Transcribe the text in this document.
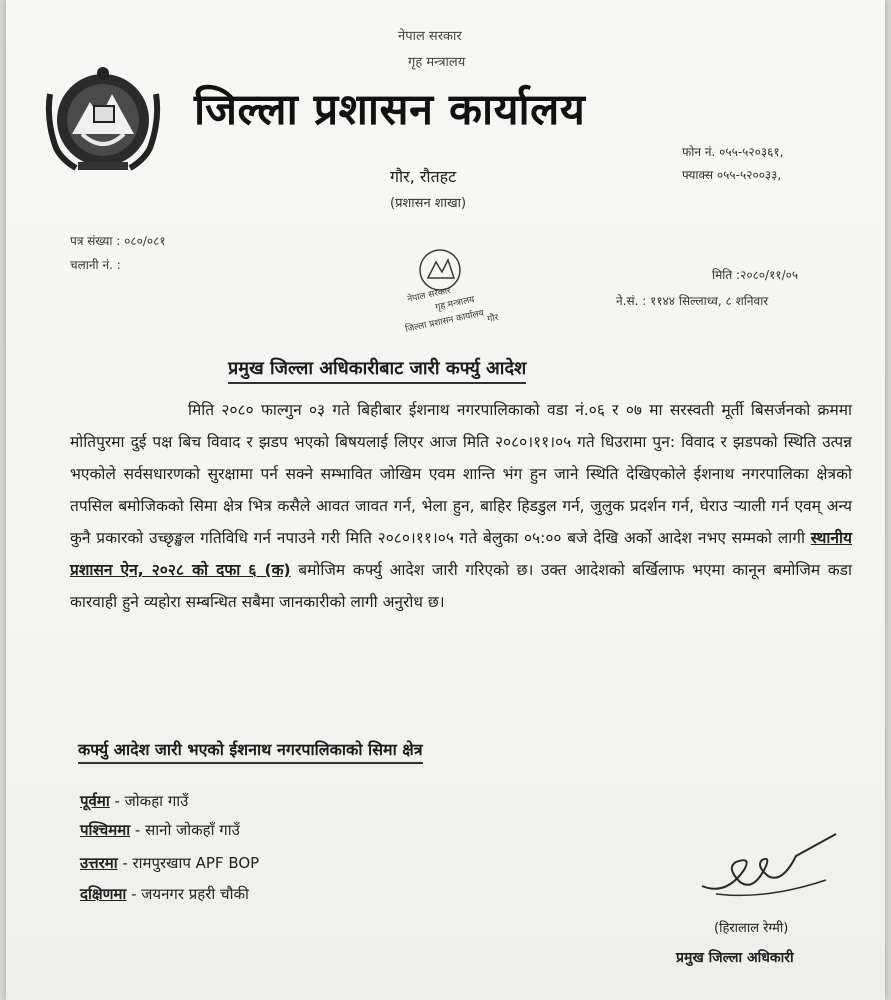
नेपाल सरकार
गृह मन्त्रालय
जिल्ला प्रशासन कार्यालय
गौर, रौतहट
(प्रशासन शाखा)
फोन नं. ०५५-५२०३६१,
फ्याक्स ०५५-५२००३३,
पत्र संख्या : ०८०/०८१
चलानी नं. :
मिति :२०८०/११/०५
ने.सं. : ११४४ सिल्लाध्व, ८ शनिवार
नेपाल सरकार
गृह मन्त्रालय
जिल्ला प्रशासन कार्यालय गौर
प्रमुख जिल्ला अधिकारीबाट जारी कर्फ्यु आदेश
मिति २०८० फाल्गुन ०३ गते बिहीबार ईशनाथ नगरपालिकाको वडा नं.०६ र ०७ मा सरस्वती मूर्ती बिसर्जनको क्रममा मोतिपुरमा दुई पक्ष बिच विवाद र झडप भएको बिषयलाई लिएर आज मिति २०८०।११।०५ गते धिउरामा पुन: विवाद र झडपको स्थिति उत्पन्न भएकोले सर्वसधारणको सुरक्षामा पर्न सक्ने सम्भावित जोखिम एवम शान्ति भंग हुन जाने स्थिति देखिएकोले ईशनाथ नगरपालिका क्षेत्रको तपसिल बमोजिकको सिमा क्षेत्र भित्र कसैले आवत जावत गर्न, भेला हुन, बाहिर हिडडुल गर्न, जुलुक प्रदर्शन गर्न, घेराउ र्‍याली गर्न एवम् अन्य कुनै प्रकारको उच्छृङ्खल गतिविधि गर्न नपाउने गरी मिति २०८०।११।०५ गते बेलुका ०५:०० बजे देखि अर्को आदेश नभए सम्मको लागी स्थानीय प्रशासन ऐन, २०२८ को दफा ६ (क) बमोजिम कर्फ्यु आदेश जारी गरिएको छ। उक्त आदेशको बर्खिलाफ भएमा कानून बमोजिम कडा कारवाही हुने व्यहोरा सम्बन्धित सबैमा जानकारीको लागी अनुरोध छ।
कर्फ्यु आदेश जारी भएको ईशनाथ नगरपालिकाको सिमा क्षेत्र
पूर्वमा - जोकहा गाउँ
पश्चिममा - सानो जोकहाँ गाउँ
उत्तरमा - रामपुरखाप APF BOP
दक्षिणमा - जयनगर प्रहरी चौकी
(हिरालाल रेग्मी)
प्रमुख जिल्ला अधिकारी
